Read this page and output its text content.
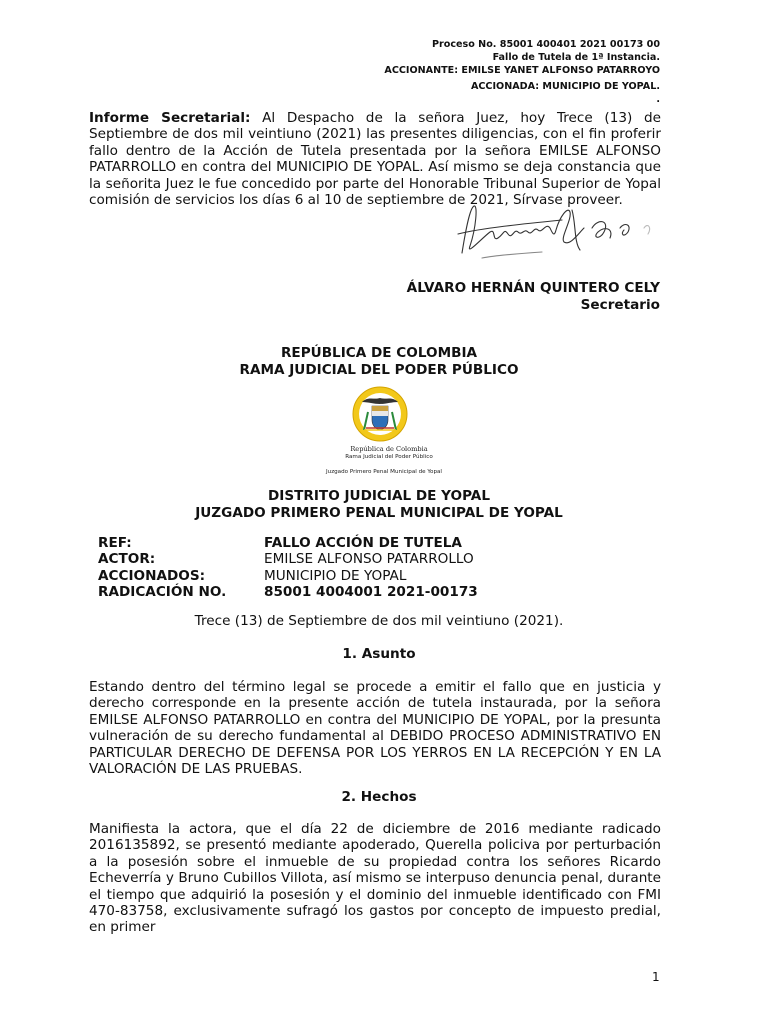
Proceso No. 85001 400401 2021 00173 00
Fallo de Tutela de 1ª Instancia.
ACCIONANTE: EMILSE YANET ALFONSO PATARROYO
ACCIONADA: MUNICIPIO DE YOPAL.
.
Informe Secretarial: Al Despacho de la señora Juez, hoy Trece (13) de Septiembre de dos mil veintiuno (2021) las presentes diligencias, con el fin proferir fallo dentro de la Acción de Tutela presentada por la señora EMILSE ALFONSO PATARROLLO en contra del MUNICIPIO DE YOPAL. Así mismo se deja constancia que la señorita Juez le fue concedido por parte del Honorable Tribunal Superior de Yopal comisión de servicios los días 6 al 10 de septiembre de 2021, Sírvase proveer.
ÁLVARO HERNÁN QUINTERO CELY
Secretario
REPÚBLICA DE COLOMBIA
RAMA JUDICIAL DEL PODER PÚBLICO
República de Colombia
Rama Judicial del Poder Público
Juzgado Primero Penal Municipal de Yopal
DISTRITO JUDICIAL DE YOPAL
JUZGADO PRIMERO PENAL MUNICIPAL DE YOPAL
REF:	FALLO ACCIÓN DE TUTELA
ACTOR:	EMILSE ALFONSO PATARROLLO
ACCIONADOS:	MUNICIPIO DE YOPAL
RADICACIÓN NO.	85001 4004001 2021-00173
Trece (13) de Septiembre de dos mil veintiuno (2021).
1. Asunto
Estando dentro del término legal se procede a emitir el fallo que en justicia y derecho corresponde en la presente acción de tutela instaurada, por la señora EMILSE ALFONSO PATARROLLO en contra del MUNICIPIO DE YOPAL, por la presunta vulneración de su derecho fundamental al DEBIDO PROCESO ADMINISTRATIVO EN PARTICULAR DERECHO DE DEFENSA POR LOS YERROS EN LA RECEPCIÓN Y EN LA VALORACIÓN DE LAS PRUEBAS.
2. Hechos
Manifiesta la actora, que el día 22 de diciembre de 2016 mediante radicado 2016135892, se presentó mediante apoderado, Querella policiva por perturbación a la posesión sobre el inmueble de su propiedad contra los señores Ricardo Echeverría y Bruno Cubillos Villota, así mismo se interpuso denuncia penal, durante el tiempo que adquirió la posesión y el dominio del inmueble identificado con FMI 470-83758, exclusivamente sufragó los gastos por concepto de impuesto predial, en primer
1
